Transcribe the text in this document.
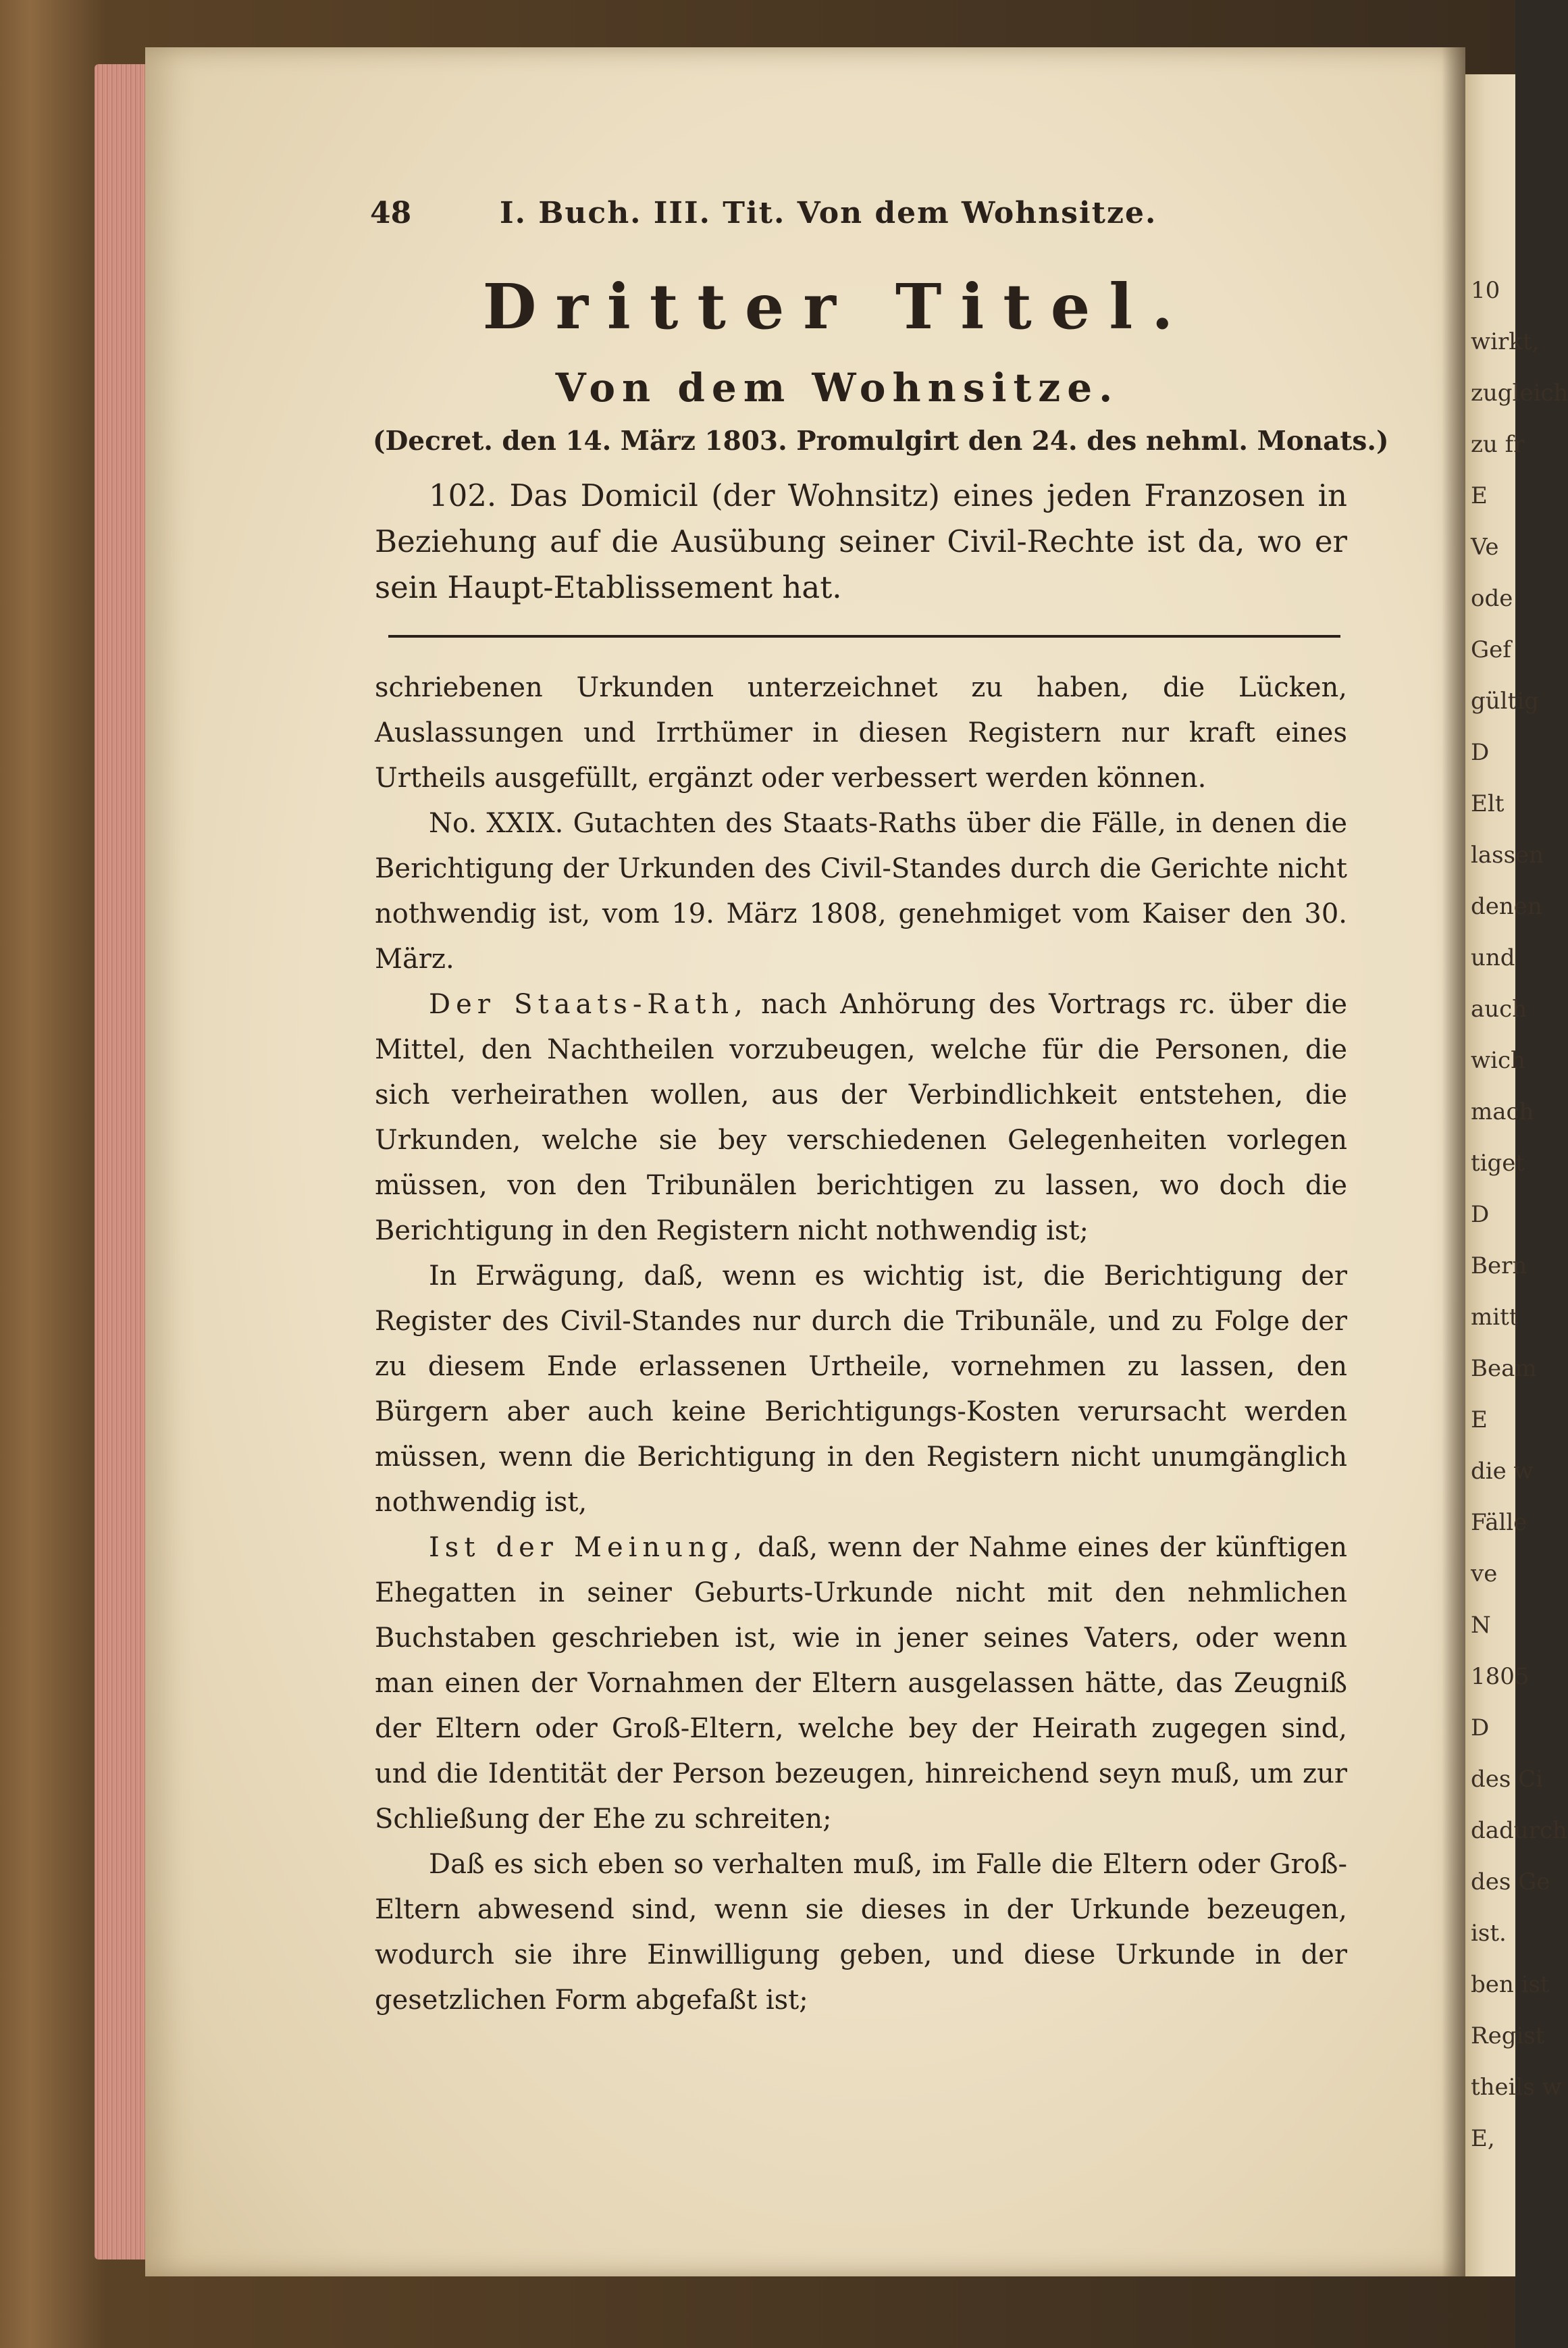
10
wirkt,
zugleich
zu fr
E
Ve
ode
Gef
gültig
D
Elt
lassen
denen
und
auch
wich
mach
tiget
D
Bern
mitt
Beam
E
die w
Fälle
ve
N
1805
D
des Ci
dadurch
des Ge
ist.
ben ist
Regist
theils w
E,
48	I. Buch. III. Tit. Von dem Wohnsitze.
Dritter Titel.
Von dem Wohnsitze.
(Decret. den 14. März 1803. Promulgirt den 24. des nehml. Monats.)

102. Das Domicil (der Wohnsitz) eines jeden Franzosen in Beziehung auf die Ausübung seiner Civil-Rechte ist da, wo er sein Haupt-Etablissement hat.

schriebenen Urkunden unterzeichnet zu haben, die Lücken, Auslassungen und Irrthümer in diesen Registern nur kraft eines Urtheils ausgefüllt, ergänzt oder verbessert werden können.

No. XXIX. Gutachten des Staats-Raths über die Fälle, in denen die Berichtigung der Urkunden des Civil-Standes durch die Gerichte nicht nothwendig ist, vom 19. März 1808, genehmiget vom Kaiser den 30. März.

Der Staats-Rath, nach Anhörung des Vortrags rc. über die Mittel, den Nachtheilen vorzubeugen, welche für die Personen, die sich verheirathen wollen, aus der Verbindlichkeit entstehen, die Urkunden, welche sie bey verschiedenen Gelegenheiten vorlegen müssen, von den Tribunälen berichtigen zu lassen, wo doch die Berichtigung in den Registern nicht nothwendig ist;

In Erwägung, daß, wenn es wichtig ist, die Berichtigung der Register des Civil-Standes nur durch die Tribunäle, und zu Folge der zu diesem Ende erlassenen Urtheile, vornehmen zu lassen, den Bürgern aber auch keine Berichtigungs-Kosten verursacht werden müssen, wenn die Berichtigung in den Registern nicht unumgänglich nothwendig ist,

Ist der Meinung, daß, wenn der Nahme eines der künftigen Ehegatten in seiner Geburts-Urkunde nicht mit den nehmlichen Buchstaben geschrieben ist, wie in jener seines Vaters, oder wenn man einen der Vornahmen der Eltern ausgelassen hätte, das Zeugniß der Eltern oder Groß-Eltern, welche bey der Heirath zugegen sind, und die Identität der Person bezeugen, hinreichend seyn muß, um zur Schließung der Ehe zu schreiten;

Daß es sich eben so verhalten muß, im Falle die Eltern oder Groß-Eltern abwesend sind, wenn sie dieses in der Urkunde bezeugen, wodurch sie ihre Einwilligung geben, und diese Urkunde in der gesetzlichen Form abgefaßt ist;
